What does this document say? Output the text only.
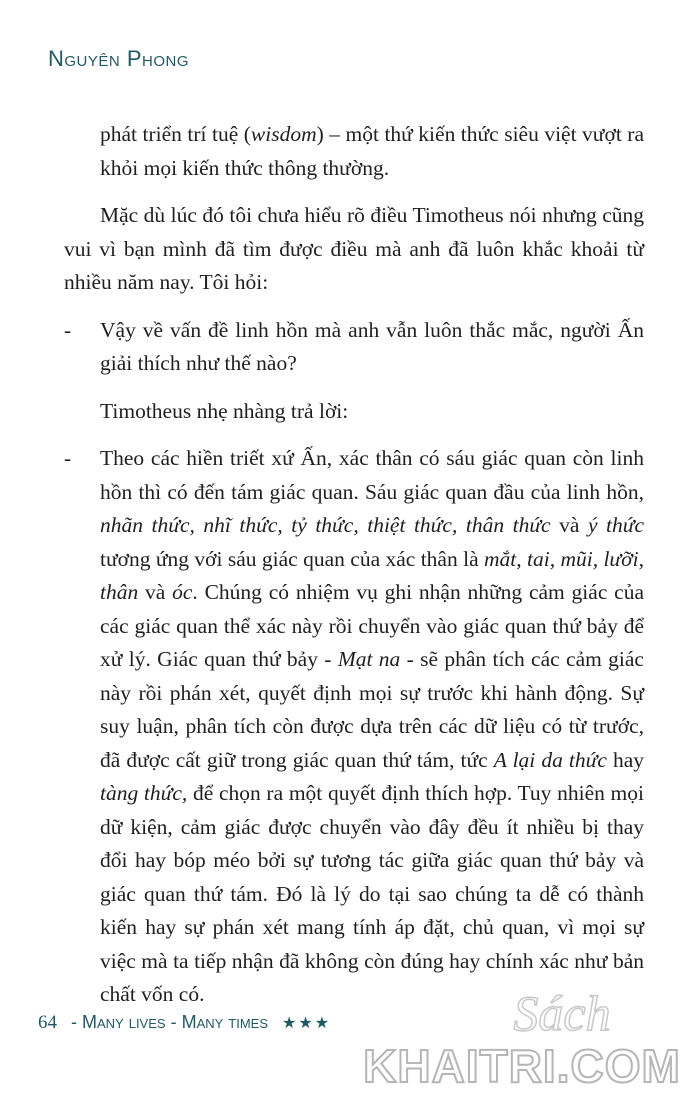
Nguyên Phong

phát triển trí tuệ (wisdom) – một thứ kiến thức siêu việt vượt ra khỏi mọi kiến thức thông thường.

Mặc dù lúc đó tôi chưa hiểu rõ điều Timotheus nói nhưng cũng vui vì bạn mình đã tìm được điều mà anh đã luôn khắc khoải từ nhiều năm nay. Tôi hỏi:

- Vậy về vấn đề linh hồn mà anh vẫn luôn thắc mắc, người Ấn giải thích như thế nào?

Timotheus nhẹ nhàng trả lời:

- Theo các hiền triết xứ Ấn, xác thân có sáu giác quan còn linh hồn thì có đến tám giác quan. Sáu giác quan đầu của linh hồn, nhãn thức, nhĩ thức, tỷ thức, thiệt thức, thân thức và ý thức tương ứng với sáu giác quan của xác thân là mắt, tai, mũi, lưỡi, thân và óc. Chúng có nhiệm vụ ghi nhận những cảm giác của các giác quan thể xác này rồi chuyển vào giác quan thứ bảy để xử lý. Giác quan thứ bảy - Mạt na - sẽ phân tích các cảm giác này rồi phán xét, quyết định mọi sự trước khi hành động. Sự suy luận, phân tích còn được dựa trên các dữ liệu có từ trước, đã được cất giữ trong giác quan thứ tám, tức A lại da thức hay tàng thức, để chọn ra một quyết định thích hợp. Tuy nhiên mọi dữ kiện, cảm giác được chuyển vào đây đều ít nhiều bị thay đổi hay bóp méo bởi sự tương tác giữa giác quan thứ bảy và giác quan thứ tám. Đó là lý do tại sao chúng ta dễ có thành kiến hay sự phán xét mang tính áp đặt, chủ quan, vì mọi sự việc mà ta tiếp nhận đã không còn đúng hay chính xác như bản chất vốn có.
64 - Many lives - Many times ★★★	Sách
KHAITRI.COM
